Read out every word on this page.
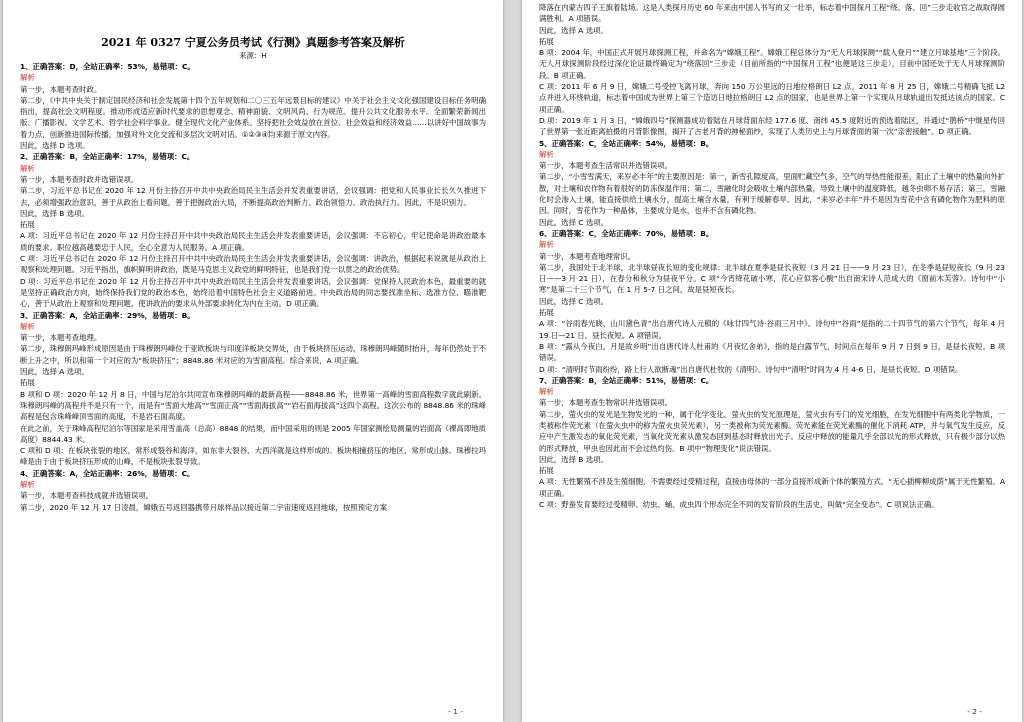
2021 年 0327 宁夏公务员考试《行测》真题参考答案及解析
来源：H
1、正确答案：D，全站正确率：53%，易错项：C。
解析
第一步，本题考查时政。
第二步，《中共中央关于制定国民经济和社会发展第十四个五年规划和二〇三五年远景目标的建议》中关于社会主义文化强国建设目标任务明确指出，提高社会文明程度。推动形成适应新时代要求的思想观念、精神面貌、文明风尚、行为规范。提升公共文化服务水平。全面繁荣新闻出版、广播影视、文学艺术、哲学社会科学事业。健全现代文化产业体系。坚持把社会效益放在首位、社会效益和经济效益……以讲好中国故事为着力点，创新推进国际传播，加强对外文化交流和多层次文明对话。①②③④均来源于原文内容。
因此，选择 D 选项。
2、正确答案：B，全站正确率：17%，易错项：C。
解析
第一步，本题考查时政并选错误项。
第二步，习近平总书记在 2020 年 12 月份主持召开中共中央政治局民主生活会并发表重要讲话，会议强调：把党和人民事业长长久久推进下去，必须增强政治意识，善于从政治上看问题，善于把握政治大局，不断提高政治判断力、政治领悟力、政治执行力。因此，不是识别力。
因此，选择 B 选项。
拓展
A 项：习近平总书记在 2020 年 12 月份主持召开中共中央政治局民主生活会并发表重要讲话，会议强调：不忘初心，牢记使命是讲政治最本质的要求。职位越高越要忠于人民，全心全意为人民服务。A 项正确。
C 项：习近平总书记在 2020 年 12 月份主持召开中共中央政治局民主生活会并发表重要讲话，会议强调：讲政治，根据起来说就是从政治上观察和处理问题。习近平指出，旗帜鲜明讲政治，既是马克思主义政党的鲜明特征，也是我们党一以贯之的政治优势。
D 项：习近平总书记在 2020 年 12 月份主持召开中共中央政治局民主生活会并发表重要讲话，会议强调：党保持人民政治本色，最重要的就是坚持正确政治方向，始终保持我们党的政治本色，始终沿着中国特色社会主义道路前进。中央政治局的同志要找准坐标、选准方位、瞄准靶心，善于从政治上观察和处理问题，使讲政治的要求从外部要求转化为内在主动。D 项正确。
3、正确答案：A，全站正确率：29%，易错项：B。
解析
第一步，本题考查地理。
第二步，珠穆朗玛峰形成原因是由于珠穆朗玛峰位于亚欧板块与印度洋板块交界处，由于板块挤压运动，珠穆朗玛峰随时抬升，每年仍然处于不断上升之中，所以和第一个对应的为“板块挤压”；8848.86 米对应的为雪面高程。综合来说，A 项正确。
因此，选择 A 选项。
拓展
B 项和 D 项：2020 年 12 月 8 日，中国与尼泊尔共同宣布珠穆朗玛峰的最新高程——8848.86 米，世界第一高峰的雪面高程数字就此刷新。珠穆朗玛峰的高程并不是只有一个，而是有“雪面大地高”“雪面正高”“雪面海拔高”“岩石面海拔高”这四个高程。这次公布的 8848.86 米的珠峰高程是包含珠峰峰顶雪面的高度，不是岩石面高度。
在此之前，关于珠峰高程尼泊尔等国家是采用雪盖高（总高）8848 的结果，而中国采用的则是 2005 年国家测绘局测量的岩面高（裸高即地质高度）8844.43 米。
C 项和 D 项：在板块张裂的地区，常形成裂谷和海洋，如东非大裂谷、大西洋就是这样形成的。板块相撞挤压的地区，常形成山脉。珠穆拉玛峰是由于由于板块挤压形成的山峰，不是板块张裂导致。
4、正确答案：A，全站正确率：26%，易错项：C。
解析
第一步，本题考查科技成就并选错误项。
第二步，2020 年 12 月 17 日凌晨，嫦娥五号返回器携带月球样品以接近第二宇宙速度返回地球，按照预定方案
- 1 -
降落在内蒙古四子王旗着陆场。这是人类探月历史 60 年来由中国人书写的又一壮举，标志着中国探月工程“绕、落、回”三步走收官之战取得圆满胜利。A 项错误。
因此，选择 A 选项。
拓展
B 项：2004 年，中国正式开展月球探测工程，并命名为“嫦娥工程”。嫦娥工程总体分为“无人月球探测”“载人登月”“建立月球基地”三个阶段。无人月球探测阶段经过深化论证最终确定为“绕落回”三步走（目前所指的“中国探月工程”也便是这三步走），目前中国还处于无人月球探测阶段。B 项正确。
C 项：2011 年 6 月 9 日，嫦娥二号受控飞离月球，奔向 150 万公里远的日地拉格朗日 L2 点。2011 年 8 月 25 日，嫦娥二号精确飞抵 L2 点并进入环绕轨道，标志着中国成为世界上第三个造访日地拉格朗日 L2 点的国家，也是世界上第一个实现从月球轨道出发抵达该点的国家。C 项正确。
D 项：2019 年 1 月 3 日，“嫦娥四号”探测器成功着陆在月球背面东经 177.6 度、南纬 45.5 度附近的预选着陆区，并通过“鹊桥”中继星传回了世界第一张近距离拍摄的月背影像图，揭开了古老月背的神秘面纱，实现了人类历史上与月球背面的第一次“亲密接触”。D 项正确。
5、正确答案：C，全站正确率：54%，易错项：B。
解析
第一步，本题考查生活常识并选错误项。
第二步，“小雪雪满天，来岁必丰年”的主要原因是：第一，新雪孔隙度高，里面贮藏空气多，空气的导热性能很差，阻止了土壤中的热量向外扩散，对土壤和农作物有着很好的防冻保温作用；第二，雪融化时会吸收土壤内部热量，导致土壤中的温度降低，越冬虫卵不易存活；第三，雪融化时会渗入土壤，能直接供给土壤水分，提高土壤含水量，有利于缓解春旱。因此，“来岁必丰年”并不是因为雪花中含有磷化物作为肥料的原因。同时，雪花作为一种晶体，主要成分是水，也并不含有磷化物。
因此，选择 C 选项。
6、正确答案：C，全站正确率：70%，易错项：B。
解析
第一步，本题考查地理常识。
第二步，我国处于北半球，北半球昼夜长短的变化规律：北半球在夏季是昼长夜短（3 月 21 日——9 月 23 日），在冬季是昼短夜长（9 月 23 日——3 月 21 日），在春分和秋分为昼夜平分。C 项“今宵绛花破小寒，花心应似客心酸”出自南宋诗人范成大的《窗前木芙蓉》。诗句中“小寒”是第二十三个节气，在 1 月 5-7 日之间，故是昼短夜长。
因此，选择 C 选项。
拓展
A 项：“谷雨春光晓，山川黛色青”出自唐代诗人元稹的《咏廿四气诗·谷雨三月中》。诗句中“谷雨”是指的二十四节气的第六个节气，每年 4 月 19 日—21 日，昼长夜短。A 项错误。
B 项：“露从今夜白，月是故乡明”出自唐代诗人杜甫的《月夜忆舍弟》，指的是白露节气，时间点在每年 9 月 7 日到 9 日，是昼长夜短。B 项错误。
D 项：“清明时节雨纷纷，路上行人欲断魂”出自唐代杜牧的《清明》。诗句中“清明”时间为 4 月 4-6 日，是昼长夜短。D 项错误。
7、正确答案：B，全站正确率：51%，易错项：C。
解析
第一步，本题考查生物常识并选错误项。
第二步，萤火虫的发光是生物发光的一种，属于化学变化。萤火虫的发光原理是，萤火虫有专门的发光细胞，在发光细胞中有两类化学物质，一类被称作荧光素（在萤火虫中的称为萤火虫荧光素），另一类被称为荧光素酶。荧光素能在荧光素酶的催化下消耗 ATP，并与氧气发生反应，反应中产生激发态的氧化荧光素，当氧化荧光素从激发态回到基态时释放出光子。反应中释放的能量几乎全部以光的形式释放，只有极少部分以热的形式释放，甲虫也因此而不会过热灼伤。B 项中“物理变化”说法错误。
因此，选择 B 选项。
拓展
A 项：无性繁殖不涉及生殖细胞，不需要经过受精过程，直接由母体的一部分直接形成新个体的繁殖方式。“无心插柳柳成荫”属于无性繁殖。A 项正确。
C 项：野蚕发育要经过受精卵、幼虫、蛹、成虫四个形态完全不同的发育阶段的生活史，叫做“完全变态”。C 项说法正确。
- 2 -
